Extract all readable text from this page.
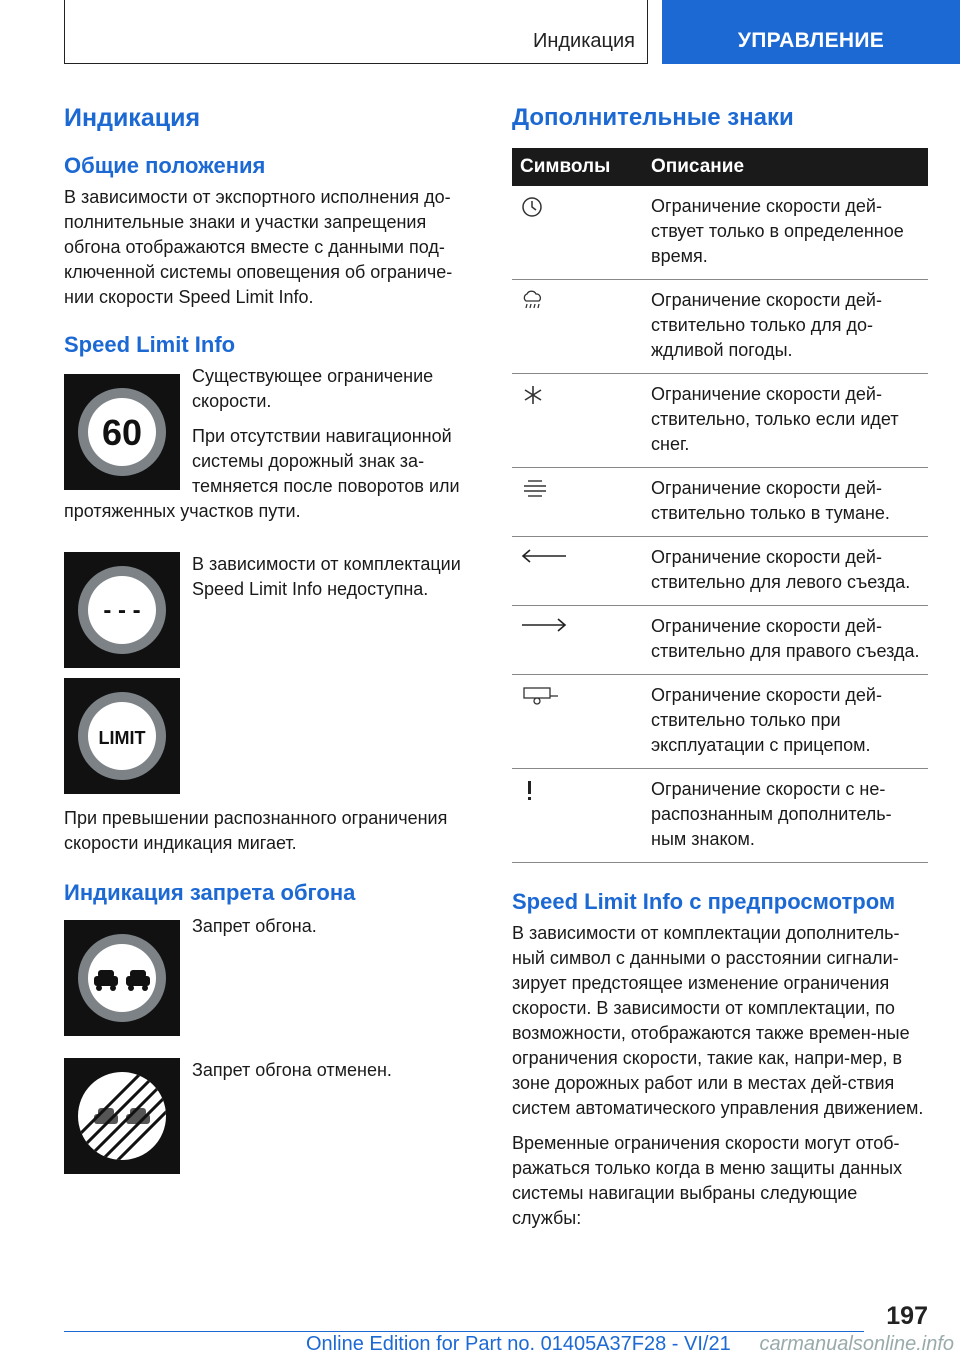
Индикация	УПРАВЛЕНИЕ
Индикация
Общие положения

В зависимости от экспортного исполнения до-полнительные знаки и участки запрещения обгона отображаются вместе с данными под-ключенной системы оповещения об ограниче-нии скорости Speed Limit Info.

Speed Limit Info
60

Существующее ограничение скорости.

При отсутствии навигационной системы дорожный знак за-темняется после поворотов или протяженных участков пути.

- - -

В зависимости от комплектации Speed Limit Info недоступна.

LIMIT

При превышении распознанного ограничения скорости индикация мигает.

Индикация запрета обгона

Запрет обгона.

Запрет обгона отменен.

Дополнительные знаки
Символы	Описание

	Ограничение скорости дей-ствует только в определенное время.

	Ограничение скорости дей-ствительно только для до-ждливой погоды.

	Ограничение скорости дей-ствительно, только если идет снег.

	Ограничение скорости дей-ствительно только в тумане.

	Ограничение скорости дей-ствительно для левого съезда.

	Ограничение скорости дей-ствительно для правого съезда.

	Ограничение скорости дей-ствительно только при эксплуатации с прицепом.

	Ограничение скорости с не-распознанным дополнитель-ным знаком.
Speed Limit Info с предпросмотром

В зависимости от комплектации дополнитель-ный символ с данными о расстоянии сигнали-зирует предстоящее изменение ограничения скорости. В зависимости от комплектации, по возможности, отображаются также времен-ные ограничения скорости, такие как, напри-мер, в зоне дорожных работ или в местах дей-ствия систем автоматического управления движением.

Временные ограничения скорости могут отоб-ражаться только когда в меню защиты данных системы навигации выбраны следующие службы:

197
Online Edition for Part no. 01405A37F28 - VI/21 carmanualsonline.info
